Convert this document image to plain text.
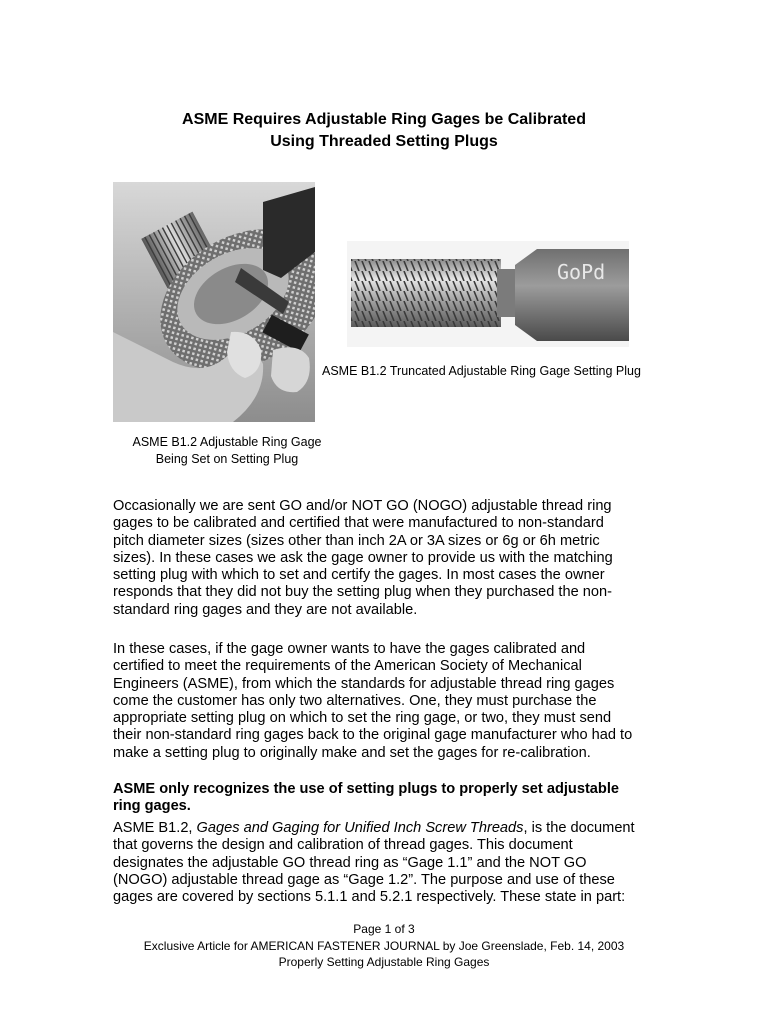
ASME Requires Adjustable Ring Gages be Calibrated
Using Threaded Setting Plugs
GoPd
ASME B1.2 Truncated Adjustable Ring Gage Setting Plug
ASME B1.2 Adjustable Ring Gage
Being Set on Setting Plug
Occasionally we are sent GO and/or NOT GO (NOGO) adjustable thread ring
gages to be calibrated and certified that were manufactured to non-standard
pitch diameter sizes (sizes other than inch 2A or 3A sizes or 6g or 6h metric
sizes). In these cases we ask the gage owner to provide us with the matching
setting plug with which to set and certify the gages. In most cases the owner
responds that they did not buy the setting plug when they purchased the non-
standard ring gages and they are not available.
In these cases, if the gage owner wants to have the gages calibrated and
certified to meet the requirements of the American Society of Mechanical
Engineers (ASME), from which the standards for adjustable thread ring gages
come the customer has only two alternatives. One, they must purchase the
appropriate setting plug on which to set the ring gage, or two, they must send
their non-standard ring gages back to the original gage manufacturer who had to
make a setting plug to originally make and set the gages for re-calibration.
ASME only recognizes the use of setting plugs to properly set adjustable
ring gages.
ASME B1.2, Gages and Gaging for Unified Inch Screw Threads, is the document
that governs the design and calibration of thread gages. This document
designates the adjustable GO thread ring as “Gage 1.1” and the NOT GO
(NOGO) adjustable thread gage as “Gage 1.2”. The purpose and use of these
gages are covered by sections 5.1.1 and 5.2.1 respectively. These state in part:
Page 1 of 3
Exclusive Article for AMERICAN FASTENER JOURNAL by Joe Greenslade, Feb. 14, 2003
Properly Setting Adjustable Ring Gages
